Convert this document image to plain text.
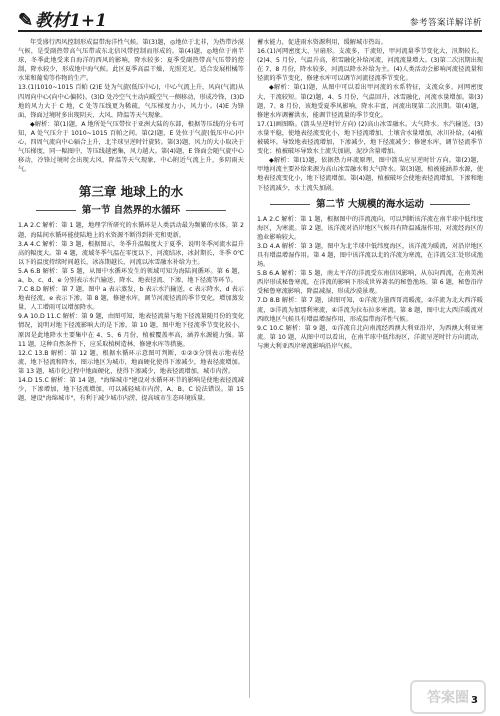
✎ 教材1+1	参考答案详解详析

年受盛行西风控制形成温带海洋性气候。第(3)题，◎地位于北非，为热带沙漠气候，是受副热带高气压带或东北信风带控制而形成的。第(4)题，◎地位于南半球，冬季此地受来自海洋的西风的影响，降水较多；夏季受副热带高气压带的控制，降水较少，形成地中海气候。此区夏季高温干燥，光照充足，适合发展柑橘等水果和葡萄等作物的生产。

13.(1)1010~1015 百帕 (2)E 处为气旋(低压中心)，中心气流上升，风向(气流)从四周向中心(向中心偏转)。(3)D 处冷空气主动向暖空气一侧移动，形成冷锋，(3)D 地的风力大于 C 地，C 处等压线更为稀疏，气压梯度力小，风力小。(4)E 为锋面，锋面过境时多出现阴天、大风、降温等天气现象。

◆解析：第(1)题，A 地所处气压带位于亚洲大陆的东部，根据等压线的分布可知，A 处气压介于 1010~1015 百帕之间。第(2)题，E 处位于气旋(低压中心)中心，四周气流向中心辐合上升，北半球呈逆时针旋转。第(3)题，风力的大小取决于气压梯度，同一幅图中，等压线越密集，风力越大。第(4)题，E 锋面会随气旋中心移动，冷锋过境时会出现大风、降温等天气现象，中心附近气流上升，多阴雨天气。

第三章 地球上的水
第一节 自然界的水循环

1.A 2.C 解析：第 1 题，地理学所研究的水循环是人类活动最为频繁的水体。第 2 题，海陆间水循环能使陆地上的水资源不断得到补充和更新。

3.A 4.C 解析：第 3 题，根据图示，冬季升温幅度大于夏季，说明冬季河流水温升高的幅度大。第 4 题，流域冬季气温在零度以下，河流结冰，冰封期长，冬季 0℃以下的温度持续时间越长，冰冻期越长，河流以冰雪融水补给为主。

5.A 6.B 解析：第 5 题，从图中水循环发生的领域可知为海陆间循环。第 6 题，a、b、c、d、e 分别表示水汽输送、降水、地表径流、下渗、地下径流等环节。

7.C 8.D 解析：第 7 题，图中 a 表示蒸发，b 表示水汽输送，c 表示降水，d 表示地表径流，e 表示下渗。第 8 题，修建水库，调节河流径流的季节变化，增加蒸发量，人工增雨可以增加降水。

9.A 10.D 11.C 解析：第 9 题，由图可知，地表径流量与地下径流量随月份的变化情况，说明对地下径流影响大的是下渗。第 10 题，图中地下径流季节变化较小，原因是此地降水主要集中在 4、5、6 月份，植被覆盖率高，涵养水源能力强。第 11 题，这种自然条件下，应采取植树造林、修建水库等措施。

12.C 13.B 解析：第 12 题，根据水循环示意图可判断，①②③分别表示地表径流、地下径流和降水，图示地区为城市，地面硬化使得下渗减少，地表径流增加。第 13 题，城市化过程中地面硬化，使得下渗减少，地表径流增加，城市内涝。

14.D 15.C 解析：第 14 题，"海绵城市"建设对水循环环节的影响是使地表径流减少，下渗增加，地下径流增加，可以减轻城市内涝，A、B、C 说法错误。第 15 题，建设"海绵城市"，有利于减少城市内涝，提高城市生态环境质量。

蓄水能力，促进雨水资源利用，缓解城市热岛。

16.(1)河网密度大，呈扇形。支流多，干流短，甲河流量季节变化大，汛期较长。(2)4、5 月份，气温升高，积雪融化补给河流，河流流量增大。(3)第二次汛期出现在 7、8 月份，降水较多，河流以降水补给为主。(4)人类活动会影响河流径流量和径流的季节变化，修建水库可以调节河流径流季节变化。

◆解析：第(1)题，从图中可以看出甲河流的水系特征，支流众多，河网密度大，干流较短。第(2)题，4、5 月份，气温回升，冰雪融化，河流水量增加。第(3)题，7、8 月份，该地受夏季风影响，降水丰富，河流出现第二次汛期。第(4)题，修建水库调蓄洪水，能调节径流量的季节变化。

17.(1)画图略。(箭头呈逆时针方向) (2)高山冰雪融水。大气降水。水汽输送。(3)水量平稳，使地表径流变化小，地下径流增加，土壤含水量增加，冰川补给。(4)植被破坏，导致地表径流增加，下渗减少，地下径流减少；修建水库，调节径流季节变化；植被破坏导致水土流失加剧，泥沙含量增加。

◆解析：第(1)题，依据热力环流原理，图中箭头应呈逆时针方向。第(2)题，甲地河流主要补给来源为高山冰雪融水和大气降水。第(3)题，植被能涵养水源，使地表径流变化小，地下径流增加。第(4)题，植被破坏会使地表径流增加，下渗和地下径流减少，水土流失加剧。

第二节 大规模的海水运动

1.A 2.C 解析：第 1 题，根据图中的洋流流向，可以判断该洋流在南半球中低纬度海区，为寒流。第 2 题，该洋流对沿岸地区气候具有降温减湿作用，对流经海区的渔业影响较大。

3.D 4.A 解析：第 3 题，图中为北半球中低纬度海区，该洋流为暖流，对沿岸地区具有增温增湿作用。第 4 题，图中该洋流以北的洋流为寒流，在洋流交汇处形成渔场。

5.B 6.A 解析：第 5 题，南太平洋的洋流受东南信风影响，从东向西流，在南美洲西岸形成秘鲁寒流，在洋流的影响下形成世界著名的秘鲁渔场。第 6 题，秘鲁沿岸受秘鲁寒流影响，降温减湿，形成沙漠景观。

7.D 8.B 解析：第 7 题，读图可知，①洋流为墨西哥湾暖流，②洋流为北大西洋暖流，③洋流为加那利寒流，④洋流为拉布拉多寒流。第 8 题，图中北大西洋暖流对西欧地区气候具有增温增湿作用，形成温带海洋性气候。

9.C 10.C 解析：第 9 题，①洋流自北向南流经西澳大利亚沿岸，为西澳大利亚寒流。第 10 题，从图中可以看出，在南半球中低纬海区，洋流呈逆时针方向流动，与澳大利亚西岸寒流影响沿岸气候。

3
答案圈
